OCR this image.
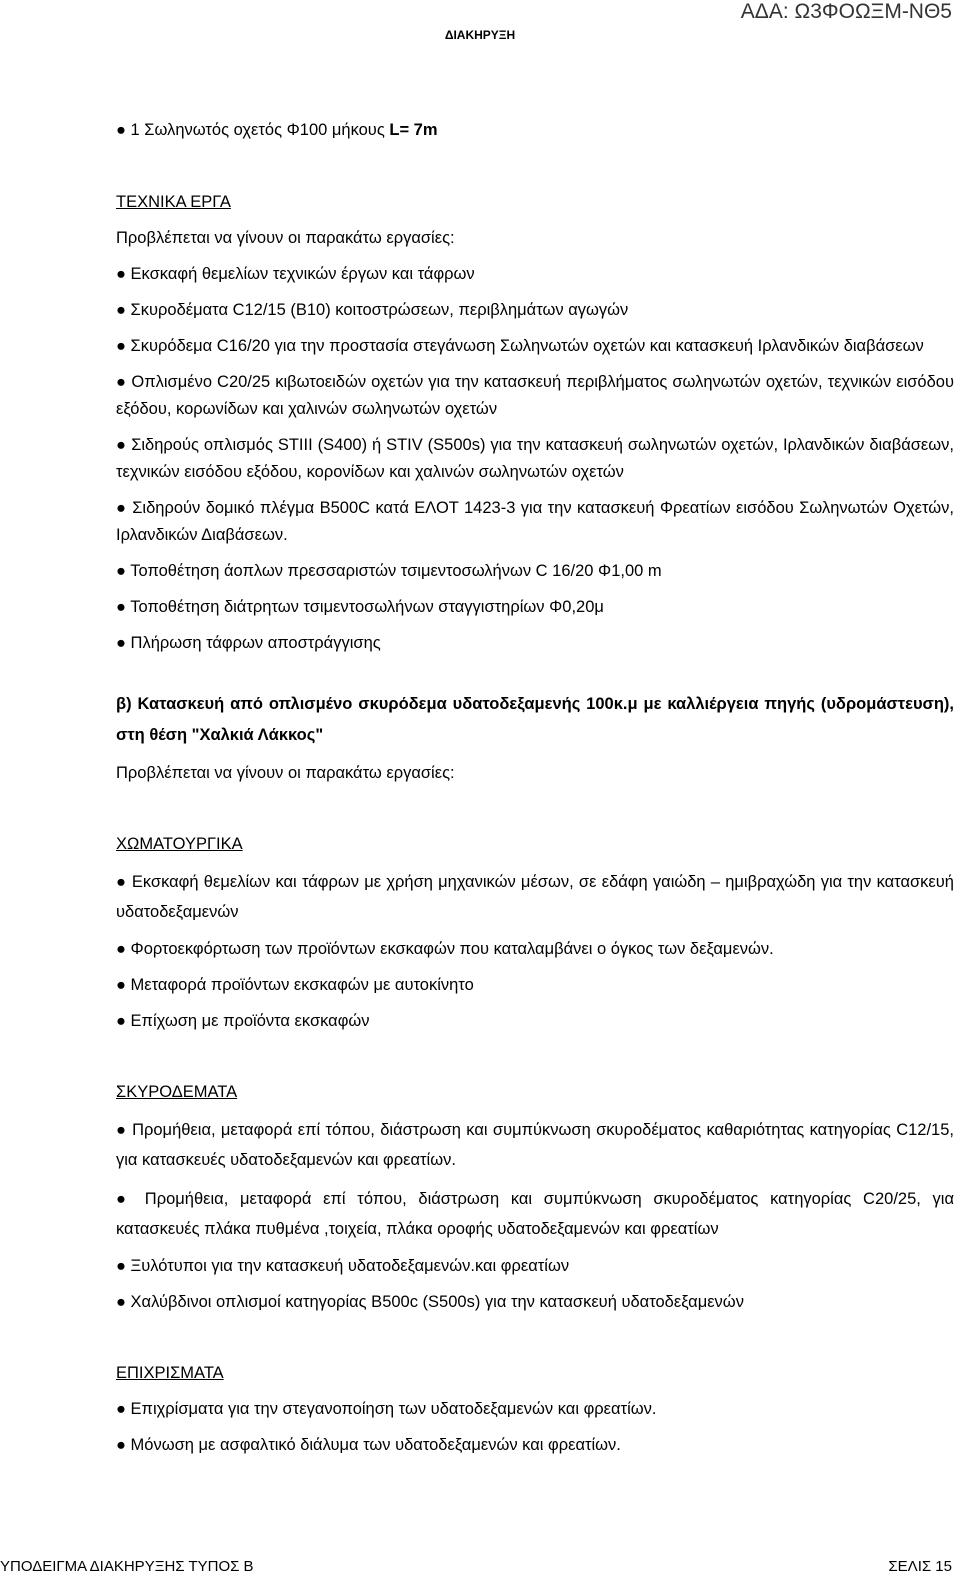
ΑΔΑ: Ω3ΦΟΩΞΜ-ΝΘ5
ΔΙΑΚΗΡΥΞΗ

● 1 Σωληνωτός οχετός Φ100 μήκους L= 7m

ΤΕΧΝΙΚΑ ΕΡΓΑ

Προβλέπεται να γίνουν οι παρακάτω εργασίες:

● Εκσκαφή θεμελίων τεχνικών έργων και τάφρων

● Σκυροδέματα C12/15 (Β10) κοιτοστρώσεων, περιβλημάτων αγωγών

● Σκυρόδεμα C16/20 για την προστασία στεγάνωση Σωληνωτών οχετών και κατασκευή Ιρλανδικών διαβάσεων

● Οπλισμένο C20/25 κιβωτοειδών οχετών για την κατασκευή περιβλήματος σωληνωτών οχετών, τεχνικών εισόδου εξόδου, κορωνίδων και χαλινών σωληνωτών οχετών

● Σιδηρούς οπλισμός STIII (S400) ή STIV (S500s) για την κατασκευή σωληνωτών οχετών, Ιρλανδικών διαβάσεων, τεχνικών εισόδου εξόδου, κορονίδων και χαλινών σωληνωτών οχετών

● Σιδηρούν δομικό πλέγμα Β500C κατά ΕΛΟΤ 1423-3 για την κατασκευή Φρεατίων εισόδου Σωληνωτών Οχετών, Ιρλανδικών Διαβάσεων.

● Τοποθέτηση άοπλων πρεσσαριστών τσιμεντοσωλήνων C 16/20 Φ1,00 m

● Τοποθέτηση διάτρητων τσιμεντοσωλήνων σταγγιστηρίων Φ0,20μ

● Πλήρωση τάφρων αποστράγγισης

β) Κατασκευή από οπλισμένο σκυρόδεμα υδατοδεξαμενής 100κ.μ με καλλιέργεια πηγής (υδρομάστευση), στη θέση "Χαλκιά Λάκκος"

Προβλέπεται να γίνουν οι παρακάτω εργασίες:

ΧΩΜΑΤΟΥΡΓΙΚΑ

● Εκσκαφή θεμελίων και τάφρων με χρήση μηχανικών μέσων, σε εδάφη γαιώδη – ημιβραχώδη για την κατασκευή υδατοδεξαμενών

● Φορτοεκφόρτωση των προϊόντων εκσκαφών που καταλαμβάνει ο όγκος των δεξαμενών.

● Μεταφορά προϊόντων εκσκαφών με αυτοκίνητο

● Επίχωση με προϊόντα εκσκαφών

ΣΚΥΡΟΔΕΜΑΤΑ

● Προμήθεια, μεταφορά επί τόπου, διάστρωση και συμπύκνωση σκυροδέματος καθαριότητας κατηγορίας C12/15, για κατασκευές υδατοδεξαμενών και φρεατίων.

● Προμήθεια, μεταφορά επί τόπου, διάστρωση και συμπύκνωση σκυροδέματος κατηγορίας C20/25, για κατασκευές πλάκα πυθμένα ,τοιχεία, πλάκα οροφής υδατοδεξαμενών και φρεατίων

● Ξυλότυποι για την κατασκευή υδατοδεξαμενών.και φρεατίων

● Χαλύβδινοι οπλισμοί κατηγορίας Β500c (S500s) για την κατασκευή υδατοδεξαμενών

ΕΠΙΧΡΙΣΜΑΤΑ

● Επιχρίσματα για την στεγανοποίηση των υδατοδεξαμενών και φρεατίων.

● Μόνωση με ασφαλτικό διάλυμα των υδατοδεξαμενών και φρεατίων.

ΥΠΟΔΕΙΓΜΑ ΔΙΑΚΗΡΥΞΗΣ ΤΥΠΟΣ Β	ΣΕΛΙΣ 15
